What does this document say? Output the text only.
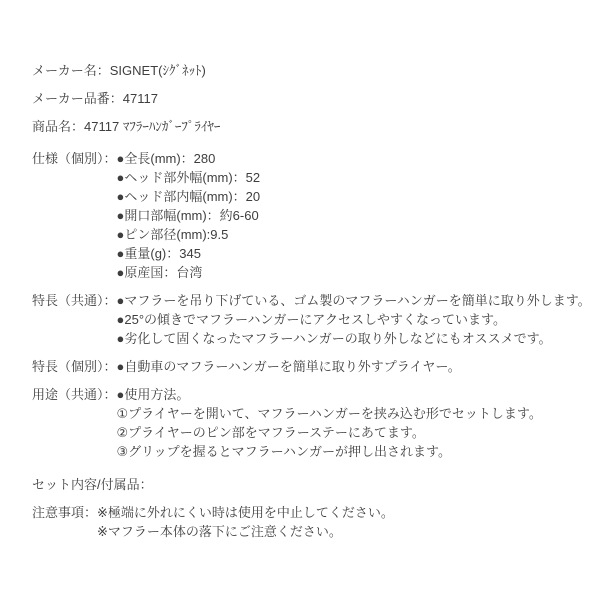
メーカー名： SIGNET(ｼｸﾞﾈｯﾄ)
メーカー品番： 47117
商品名： 47117 ﾏﾌﾗｰﾊﾝｶﾞｰﾌﾟﾗｲﾔｰ
仕様（個別）： ●全長(mm)：280
●ヘッド部外幅(mm)：52
●ヘッド部内幅(mm)：20
●開口部幅(mm)：約6-60
●ピン部径(mm):9.5
●重量(g)：345
●原産国：台湾
特長（共通）： ●マフラーを吊り下げている、ゴム製のマフラーハンガーを簡単に取り外します。
●25°の傾きでマフラーハンガーにアクセスしやすくなっています。
●劣化して固くなったマフラーハンガーの取り外しなどにもオススメです。
特長（個別）： ●自動車のマフラーハンガーを簡単に取り外すプライヤー。
用途（共通）： ●使用方法。
①プライヤーを開いて、マフラーハンガーを挟み込む形でセットします。
②プライヤーのピン部をマフラーステーにあてます。
③グリップを握るとマフラーハンガーが押し出されます。
セット内容/付属品：
注意事項： ※極端に外れにくい時は使用を中止してください。
※マフラー本体の落下にご注意ください。
